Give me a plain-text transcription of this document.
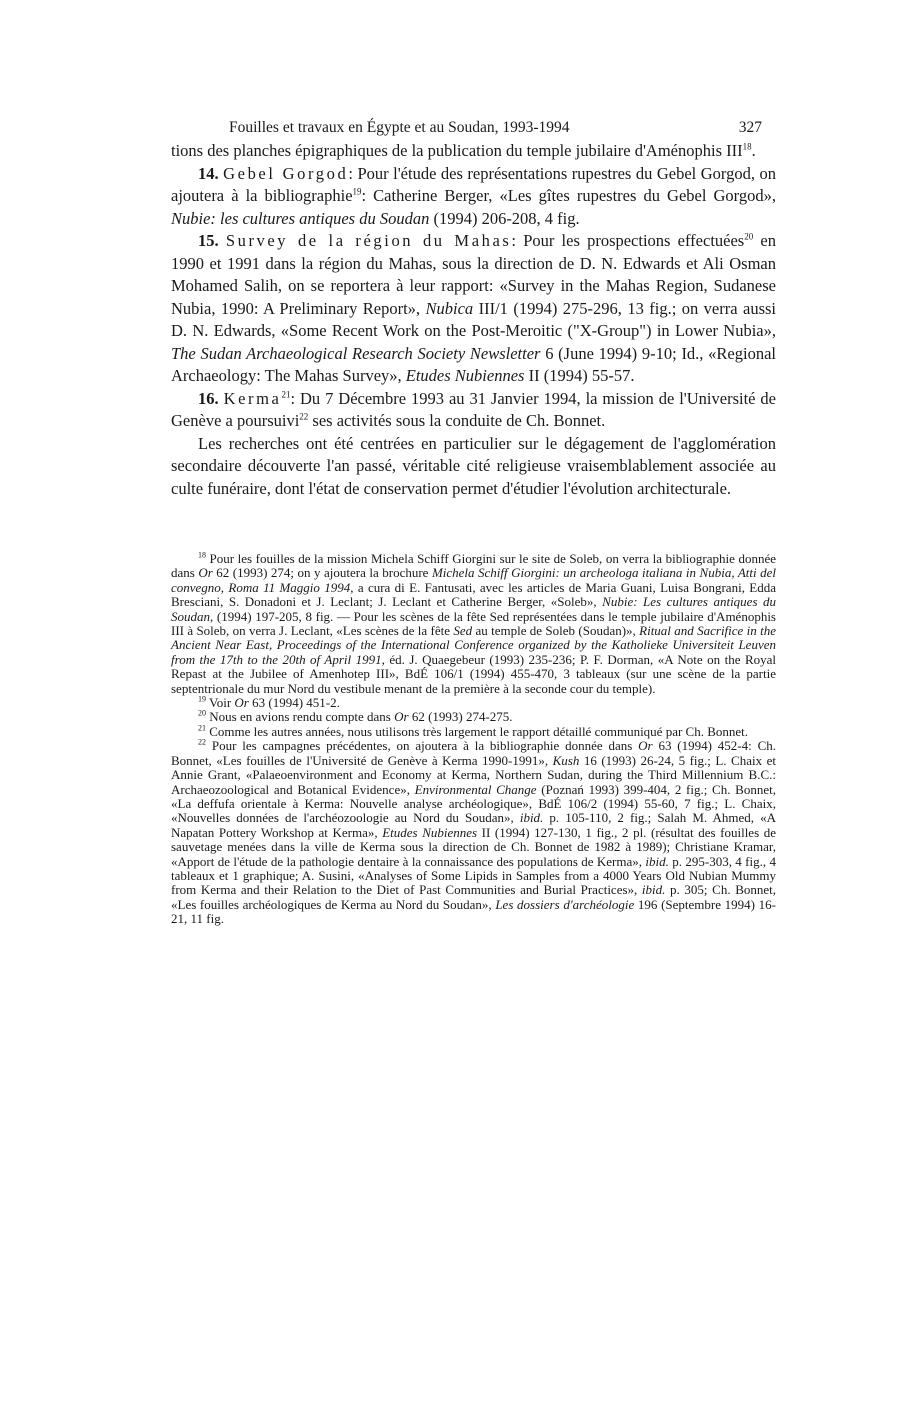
Fouilles et travaux en Égypte et au Soudan, 1993-1994	327

tions des planches épigraphiques de la publication du temple jubilaire d'Aménophis III$^{18}$.

14. Gebel Gorgod: Pour l'étude des représentations rupestres du Gebel Gorgod, on ajoutera à la bibliographie$^{19}$: Catherine Berger, «Les gîtes rupestres du Gebel Gorgod», Nubie: les cultures antiques du Soudan (1994) 206-208, 4 fig.

15. Survey de la région du Mahas: Pour les prospections effectuées$^{20}$ en 1990 et 1991 dans la région du Mahas, sous la direction de D. N. Edwards et Ali Osman Mohamed Salih, on se reportera à leur rapport: «Survey in the Mahas Region, Sudanese Nubia, 1990: A Preliminary Report», Nubica III/1 (1994) 275-296, 13 fig.; on verra aussi D. N. Edwards, «Some Recent Work on the Post-Meroitic ("X-Group") in Lower Nubia», The Sudan Archaeological Research Society Newsletter 6 (June 1994) 9-10; Id., «Regional Archaeology: The Mahas Survey», Etudes Nubiennes II (1994) 55-57.

16. Kerma$^{21}$: Du 7 Décembre 1993 au 31 Janvier 1994, la mission de l'Université de Genève a poursuivi$^{22}$ ses activités sous la conduite de Ch. Bonnet.

Les recherches ont été centrées en particulier sur le dégagement de l'agglomération secondaire découverte l'an passé, véritable cité religieuse vraisemblablement associée au culte funéraire, dont l'état de conservation permet d'étudier l'évolution architecturale.

$^{18}$ Pour les fouilles de la mission Michela Schiff Giorgini sur le site de Soleb, on verra la bibliographie donnée dans Or 62 (1993) 274; on y ajoutera la brochure Michela Schiff Giorgini: un archeologa italiana in Nubia, Atti del convegno, Roma 11 Maggio 1994, a cura di E. Fantusati, avec les articles de Maria Guani, Luisa Bongrani, Edda Bresciani, S. Donadoni et J. Leclant; J. Leclant et Catherine Berger, «Soleb», Nubie: Les cultures antiques du Soudan, (1994) 197-205, 8 fig. — Pour les scènes de la fête Sed représentées dans le temple jubilaire d'Aménophis III à Soleb, on verra J. Leclant, «Les scènes de la fête Sed au temple de Soleb (Soudan)», Ritual and Sacrifice in the Ancient Near East, Proceedings of the International Conference organized by the Katholieke Universiteit Leuven from the 17th to the 20th of April 1991, éd. J. Quaegebeur (1993) 235-236; P. F. Dorman, «A Note on the Royal Repast at the Jubilee of Amenhotep III», BdÉ 106/1 (1994) 455-470, 3 tableaux (sur une scène de la partie septentrionale du mur Nord du vestibule menant de la première à la seconde cour du temple).

$^{19}$ Voir Or 63 (1994) 451-2.

$^{20}$ Nous en avions rendu compte dans Or 62 (1993) 274-275.

$^{21}$ Comme les autres années, nous utilisons très largement le rapport détaillé communiqué par Ch. Bonnet.

$^{22}$ Pour les campagnes précédentes, on ajoutera à la bibliographie donnée dans Or 63 (1994) 452-4: Ch. Bonnet, «Les fouilles de l'Université de Genève à Kerma 1990-1991», Kush 16 (1993) 26-24, 5 fig.; L. Chaix et Annie Grant, «Palaeoenvironment and Economy at Kerma, Northern Sudan, during the Third Millennium B.C.: Archaeozoological and Botanical Evidence», Environmental Change (Poznań 1993) 399-404, 2 fig.; Ch. Bonnet, «La deffufa orientale à Kerma: Nouvelle analyse archéologique», BdÉ 106/2 (1994) 55-60, 7 fig.; L. Chaix, «Nouvelles données de l'archéozoologie au Nord du Soudan», ibid. p. 105-110, 2 fig.; Salah M. Ahmed, «A Napatan Pottery Workshop at Kerma», Etudes Nubiennes II (1994) 127-130, 1 fig., 2 pl. (résultat des fouilles de sauvetage menées dans la ville de Kerma sous la direction de Ch. Bonnet de 1982 à 1989); Christiane Kramar, «Apport de l'étude de la pathologie dentaire à la connaissance des populations de Kerma», ibid. p. 295-303, 4 fig., 4 tableaux et 1 graphique; A. Susini, «Analyses of Some Lipids in Samples from a 4000 Years Old Nubian Mummy from Kerma and their Relation to the Diet of Past Communities and Burial Practices», ibid. p. 305; Ch. Bonnet, «Les fouilles archéologiques de Kerma au Nord du Soudan», Les dossiers d'archéologie 196 (Septembre 1994) 16-21, 11 fig.
